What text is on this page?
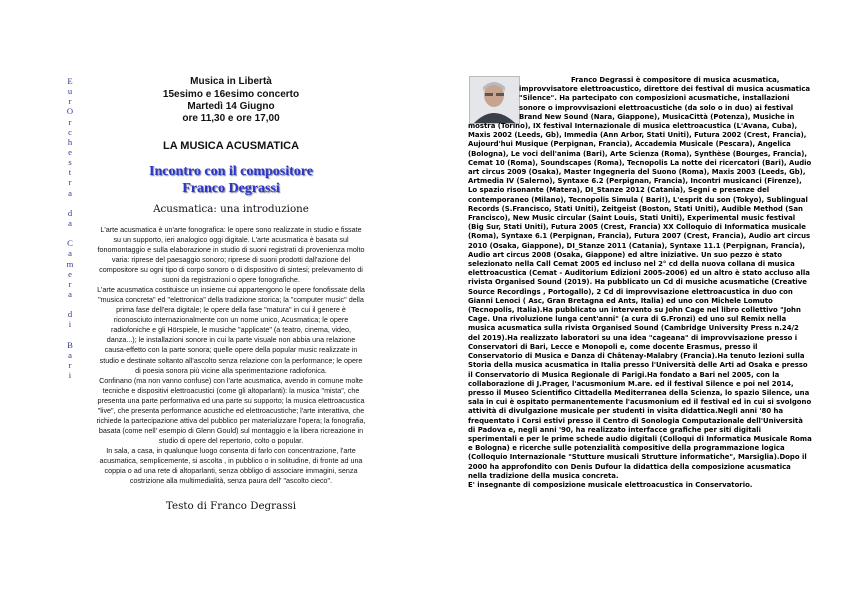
E
u
r
O
r
c
h
e
s
t
r
a
d
a
C
a
m
e
r
a
d
i
B
a
r
i
Musica in Libertà
15esimo e 16esimo concerto
Martedì 14 Giugno
ore 11,30 e ore 17,00
LA MUSICA ACUSMATICA
Incontro con il compositore
Franco Degrassi
Acusmatica: una introduzione

L'arte acusmatica è un'arte fonografica: le opere sono realizzate in studio e fissate su un supporto, ieri analogico oggi digitale. L'arte acusmatica è basata sul fonomontaggio e sulla elaborazione in studio di suoni registrati di provenienza molto varia: riprese del paesaggio sonoro; riprese di suoni prodotti dall'azione del compositore su ogni tipo di corpo sonoro o di dispositivo di sintesi; prelevamento di suoni da registrazioni o opere fonografiche.

L'arte acusmatica costituisce un insieme cui appartengono le opere fonofissate della "musica concreta" ed "elettronica" della tradizione storica; la "computer music" della prima fase dell'era digitale; le opere della fase "matura" in cui il genere è riconosciuto internazionalmente con un nome unico, Acusmatica; le opere radiofoniche e gli Hörspiele, le musiche "applicate" (a teatro, cinema, video, danza...); le installazioni sonore in cui la parte visuale non abbia una relazione causa-effetto con la parte sonora; quelle opere della popular music realizzate in studio e destinate soltanto all'ascolto senza relazione con la performance; le opere di poesia sonora più vicine alla sperimentazione radiofonica.

Confinano (ma non vanno confuse) con l'arte acusmatica, avendo in comune molte tecniche e dispositivi elettroacustici (come gli altoparlanti): la musica "mista", che presenta una parte performativa ed una parte su supporto; la musica elettroacustica "live", che presenta performance acustiche ed elettroacustiche; l'arte interattiva, che richiede la partecipazione attiva del pubblico per materializzare l'opera; la fonografia, basata (come nell' esempio di Glenn Gould) sul montaggio e la libera ricreazione in studio di opere del repertorio, colto o popular.

In sala, a casa, in qualunque luogo consenta di farlo con concentrazione, l'arte acusmatica, semplicemente, si ascolta , in pubblico o in solitudine, di fronte ad una coppia o ad una rete di altoparlanti, senza obbligo di associare immagini, senza costrizione alla multimedialità, senza paura dell' "ascolto cieco".

Testo di Franco Degrassi

Franco Degrassi è compositore di musica acusmatica, improvvisatore elettroacustico, direttore dei festival di musica acusmatica "Silence". Ha partecipato con composizioni acusmatiche, installazioni sonore o improvvisazioni elettroacustiche (da solo o in duo) ai festival Brand New Sound (Nara, Giappone), MusicaCittà (Potenza), Musiche in mostra (Torino), IX festival Internazionale di musica elettroacustica (L'Avana, Cuba), Maxis 2002 (Leeds, Gb), Immedia (Ann Arbor, Stati Uniti), Futura 2002 (Crest, Francia), Aujourd'hui Musique (Perpignan, Francia), Accademia Musicale (Pescara), Angelica (Bologna), Le voci dell'anima (Bari), Arte Scienza (Roma), Synthèse (Bourges, Francia), Cemat 10 (Roma), Soundscapes (Roma), Tecnopolis La notte dei ricercatori (Bari), Audio art circus 2009 (Osaka), Master Ingegneria del Suono (Roma), Maxis 2003 (Leeds, Gb), Artmedia IV (Salerno), Syntaxe 6.2 (Perpignan, Francia), Incontri musicanci (Firenze), Lo spazio risonante (Matera), DI_Stanze 2012 (Catania), Segni e presenze del contemporaneo (Milano), Tecnopolis Simula ( Bari!), L'esprit du son (Tokyo), Sublingual Records (S.Francisco, Stati Uniti), Zeitgeist (Boston, Stati Uniti), Audible Method (San Francisco), New Music circular (Saint Louis, Stati Uniti), Experimental music festival (Big Sur, Stati Uniti), Futura 2005 (Crest, Francia) XX Colloquio di Informatica musicale (Roma), Syntaxe 6.1 (Perpignan, Francia), Futura 2007 (Crest, Francia), Audio art circus 2010 (Osaka, Giappone), DI_Stanze 2011 (Catania), Syntaxe 11.1 (Perpignan, Francia), Audio art circus 2008 (Osaka, Giappone) ed altre iniziative. Un suo pezzo è stato selezionato nella Call Cemat 2005 ed incluso nel 2° cd della nuova collana di musica elettroacustica (Cemat - Auditorium Edizioni 2005-2006) ed un altro è stato accluso alla rivista Organised Sound (2019). Ha pubblicato un Cd di musiche acusmatiche (Creative Source Recordings , Portogallo), 2 Cd di improvvisazione elettroacustica in duo con Gianni Lenoci ( Asc, Gran Bretagna ed Ants, Italia) ed uno con Michele Lomuto (Tecnopolis, Italia).Ha pubblicato un intervento su John Cage nel libro collettivo "John Cage. Una rivoluzione lunga cent'anni" (a cura di G.Fronzi) ed uno sul Remix nella musica acusmatica sulla rivista Organised Sound (Cambridge University Press n.24/2 del 2019).Ha realizzato laboratori su una idea "cageana" di improvvisazione presso i Conservatori di Bari, Lecce e Monopoli e, come docente Erasmus, presso il Conservatorio di Musica e Danza di Châtenay-Malabry (Francia).Ha tenuto lezioni sulla Storia della musica acusmatica in Italia presso l'Università delle Arti ad Osaka e presso il Conservatorio di Musica Regionale di Parigi.Ha fondato a Bari nel 2005, con la collaborazione di J.Prager, l'acusmonium M.are. ed il festival Silence e poi nel 2014, presso il Museo Scientifico Cittadella Mediterranea della Scienza, lo spazio Silence, una sala in cui è ospitato permanentemente l'acusmonium ed il festival ed in cui si svolgono attività di divulgazione musicale per studenti in visita didattica.Negli anni '80 ha frequentato i Corsi estivi presso il Centro di Sonologia Computazionale dell'Università di Padova e, negli anni '90, ha realizzato interfacce grafiche per siti digitali sperimentali e per le prime schede audio digitali (Colloqui di Informatica Musicale Roma e Bologna) e ricerche sulle potenzialità compositive della programmazione logica (Colloquio Internazionale "Stutture musicali Strutture informatiche", Marsiglia).Dopo il 2000 ha approfondito con Denis Dufour la didattica della composizione acusmatica nella tradizione della musica concreta.

E' insegnante di composizione musicale elettroacustica in Conservatorio.
